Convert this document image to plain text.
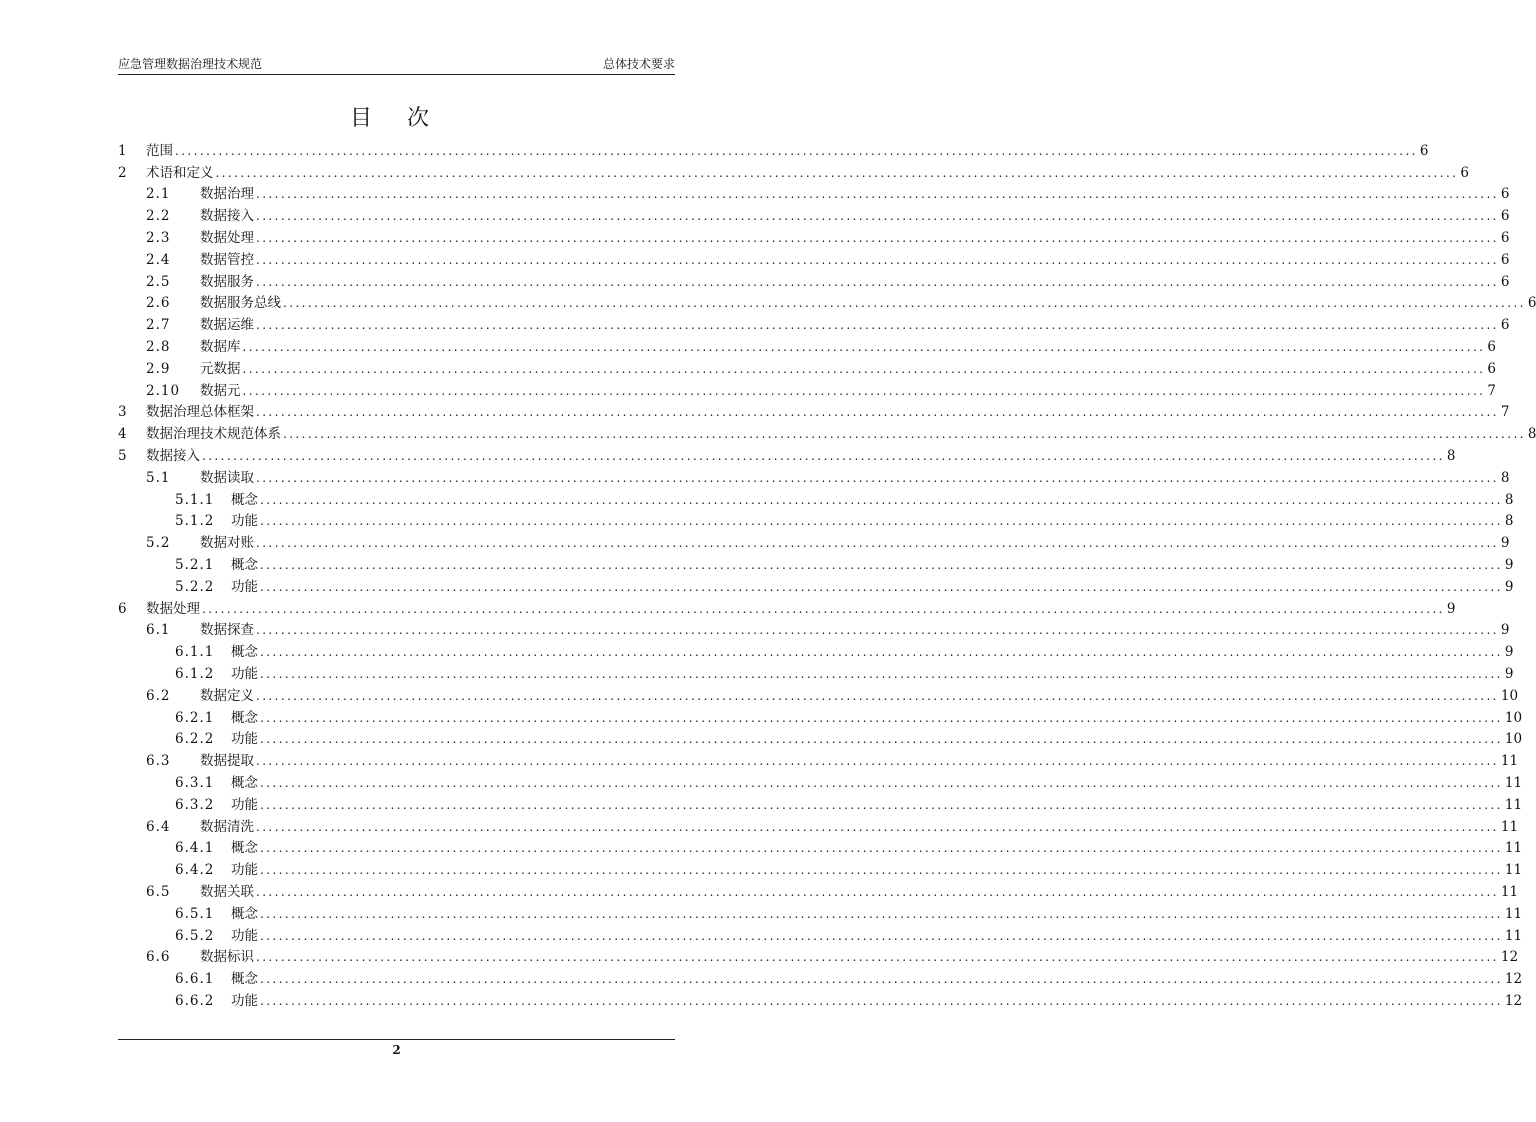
应急管理数据治理技术规范	总体技术要求
目 次
1	范围 ........................................................................................................................................................................................................ 6
2	术语和定义 ........................................................................................................................................................................................................ 6
2.1	数据治理 ........................................................................................................................................................................................................ 6
2.2	数据接入 ........................................................................................................................................................................................................ 6
2.3	数据处理 ........................................................................................................................................................................................................ 6
2.4	数据管控 ........................................................................................................................................................................................................ 6
2.5	数据服务 ........................................................................................................................................................................................................ 6
2.6	数据服务总线 ........................................................................................................................................................................................................ 6
2.7	数据运维 ........................................................................................................................................................................................................ 6
2.8	数据库 ........................................................................................................................................................................................................ 6
2.9	元数据 ........................................................................................................................................................................................................ 6
2.10	数据元 ........................................................................................................................................................................................................ 7
3	数据治理总体框架 ........................................................................................................................................................................................................ 7
4	数据治理技术规范体系 ........................................................................................................................................................................................................ 8
5	数据接入 ........................................................................................................................................................................................................ 8
5.1	数据读取 ........................................................................................................................................................................................................ 8
5.1.1	概念 ........................................................................................................................................................................................................ 8
5.1.2	功能 ........................................................................................................................................................................................................ 8
5.2	数据对账 ........................................................................................................................................................................................................ 9
5.2.1	概念 ........................................................................................................................................................................................................ 9
5.2.2	功能 ........................................................................................................................................................................................................ 9
6	数据处理 ........................................................................................................................................................................................................ 9
6.1	数据探查 ........................................................................................................................................................................................................ 9
6.1.1	概念 ........................................................................................................................................................................................................ 9
6.1.2	功能 ........................................................................................................................................................................................................ 9
6.2	数据定义 ........................................................................................................................................................................................................ 10
6.2.1	概念 ........................................................................................................................................................................................................ 10
6.2.2	功能 ........................................................................................................................................................................................................ 10
6.3	数据提取 ........................................................................................................................................................................................................ 11
6.3.1	概念 ........................................................................................................................................................................................................ 11
6.3.2	功能 ........................................................................................................................................................................................................ 11
6.4	数据清洗 ........................................................................................................................................................................................................ 11
6.4.1	概念 ........................................................................................................................................................................................................ 11
6.4.2	功能 ........................................................................................................................................................................................................ 11
6.5	数据关联 ........................................................................................................................................................................................................ 11
6.5.1	概念 ........................................................................................................................................................................................................ 11
6.5.2	功能 ........................................................................................................................................................................................................ 11
6.6	数据标识 ........................................................................................................................................................................................................ 12
6.6.1	概念 ........................................................................................................................................................................................................ 12
6.6.2	功能 ........................................................................................................................................................................................................ 12
2
